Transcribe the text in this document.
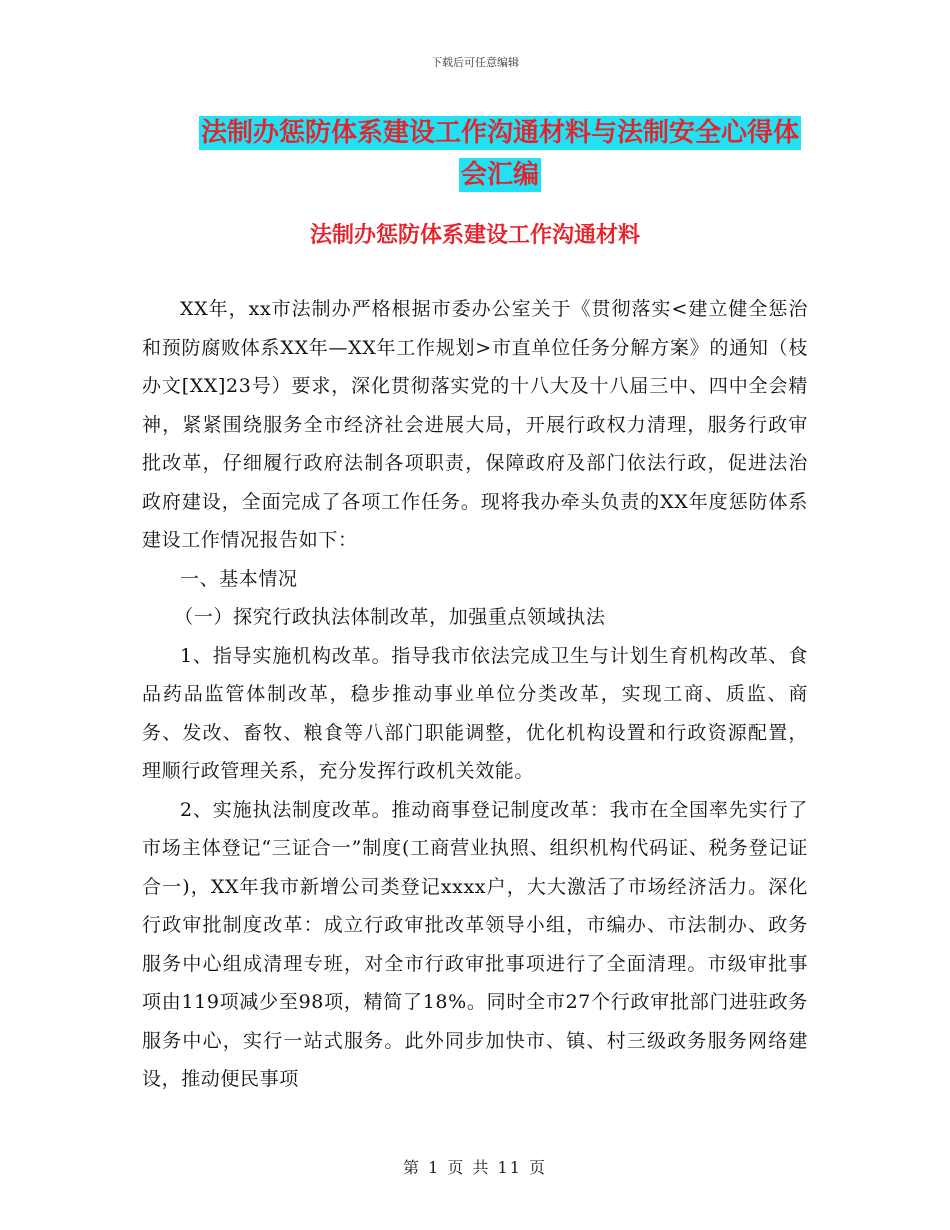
下载后可任意编辑
法制办惩防体系建设工作沟通材料与法制安全心得体会汇编
法制办惩防体系建设工作沟通材料

XX年，xx市法制办严格根据市委办公室关于《贯彻落实<建立健全惩治和预防腐败体系XX年—XX年工作规划>市直单位任务分解方案》的通知（枝办文[XX]23号）要求，深化贯彻落实党的十八大及十八届三中、四中全会精神，紧紧围绕服务全市经济社会进展大局，开展行政权力清理，服务行政审批改革，仔细履行政府法制各项职责，保障政府及部门依法行政，促进法治政府建设，全面完成了各项工作任务。现将我办牵头负责的XX年度惩防体系建设工作情况报告如下：

一、基本情况

（一）探究行政执法体制改革，加强重点领域执法

1、指导实施机构改革。指导我市依法完成卫生与计划生育机构改革、食品药品监管体制改革，稳步推动事业单位分类改革，实现工商、质监、商务、发改、畜牧、粮食等八部门职能调整，优化机构设置和行政资源配置，理顺行政管理关系，充分发挥行政机关效能。

2、实施执法制度改革。推动商事登记制度改革：我市在全国率先实行了市场主体登记“三证合一”制度(工商营业执照、组织机构代码证、税务登记证合一)，XX年我市新增公司类登记xxxx户，大大激活了市场经济活力。深化行政审批制度改革：成立行政审批改革领导小组，市编办、市法制办、政务服务中心组成清理专班，对全市行政审批事项进行了全面清理。市级审批事项由119项减少至98项，精简了18%。同时全市27个行政审批部门进驻政务服务中心，实行一站式服务。此外同步加快市、镇、村三级政务服务网络建设，推动便民事项

第 1 页 共 11 页
